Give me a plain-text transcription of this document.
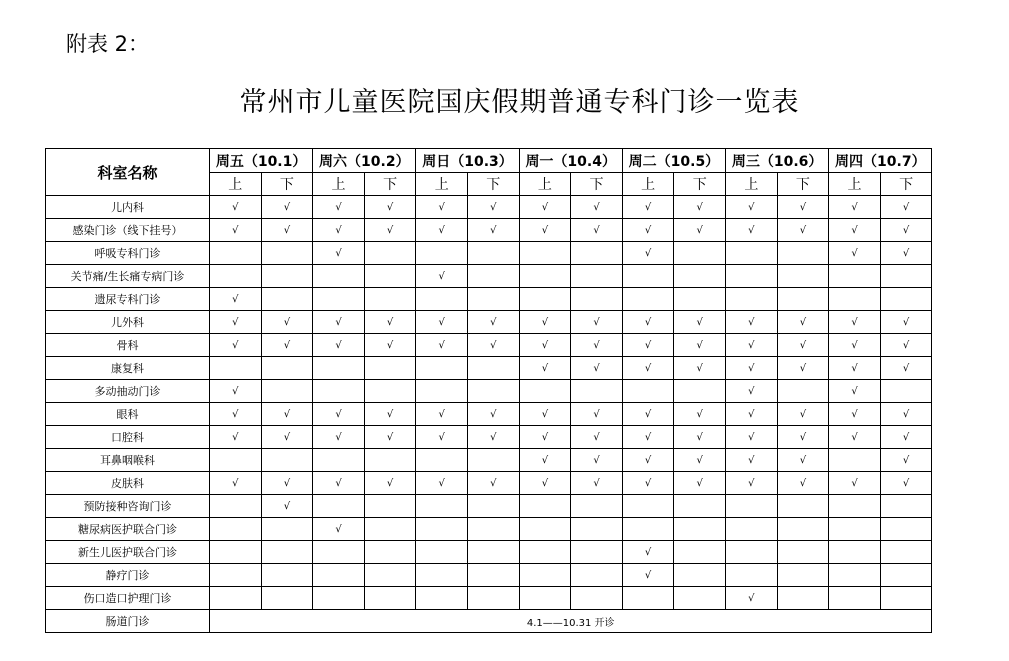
附表 2：
常州市儿童医院国庆假期普通专科门诊一览表
科室名称	周五（10.1）		周六（10.2）		周日（10.3）		周一（10.4）		周二（10.5）		周三（10.6）		周四（10.7）	
	上	下	上	下	上	下	上	下	上	下	上	下	上	下
儿内科	√	√	√	√	√	√	√	√	√	√	√	√	√	√
感染门诊（线下挂号）	√	√	√	√	√	√	√	√	√	√	√	√	√	√
呼吸专科门诊			√						√				√	√
关节痛/生长痛专病门诊					√									
遗尿专科门诊	√													
儿外科	√	√	√	√	√	√	√	√	√	√	√	√	√	√
骨科	√	√	√	√	√	√	√	√	√	√	√	√	√	√
康复科							√	√	√	√	√	√	√	√
多动抽动门诊	√										√		√	
眼科	√	√	√	√	√	√	√	√	√	√	√	√	√	√
口腔科	√	√	√	√	√	√	√	√	√	√	√	√	√	√
耳鼻咽喉科							√	√	√	√	√	√		√
皮肤科	√	√	√	√	√	√	√	√	√	√	√	√	√	√
预防接种咨询门诊		√												
糖尿病医护联合门诊			√											
新生儿医护联合门诊									√					
静疗门诊									√					
伤口造口护理门诊											√			
肠道门诊	4.1——10.31 开诊													
